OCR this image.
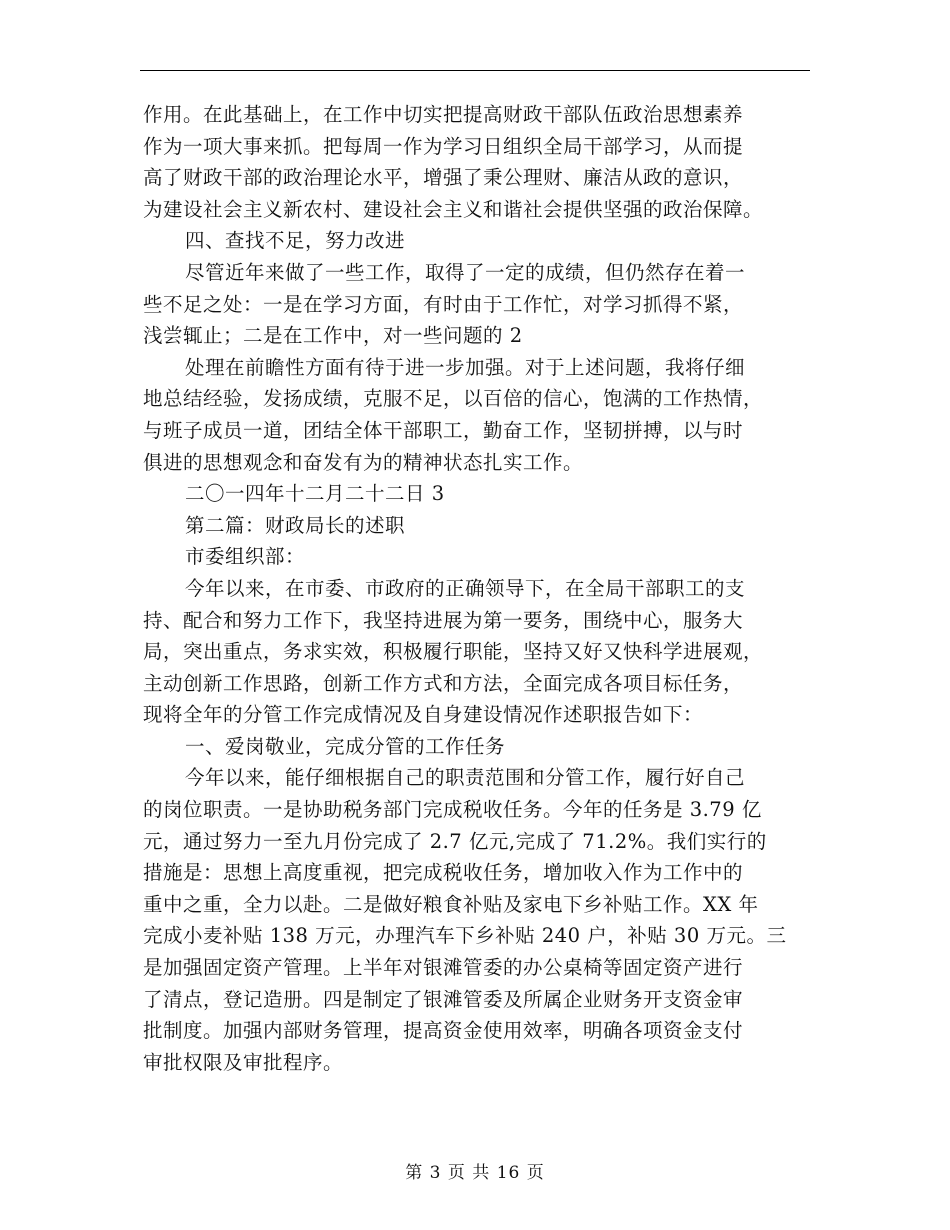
作用。在此基础上，在工作中切实把提高财政干部队伍政治思想素养
作为一项大事来抓。把每周一作为学习日组织全局干部学习，从而提
高了财政干部的政治理论水平，增强了秉公理财、廉洁从政的意识，
为建设社会主义新农村、建设社会主义和谐社会提供坚强的政治保障。
四、查找不足，努力改进
尽管近年来做了一些工作，取得了一定的成绩，但仍然存在着一
些不足之处：一是在学习方面，有时由于工作忙，对学习抓得不紧，
浅尝辄止；二是在工作中，对一些问题的 2
处理在前瞻性方面有待于进一步加强。对于上述问题，我将仔细
地总结经验，发扬成绩，克服不足，以百倍的信心，饱满的工作热情，
与班子成员一道，团结全体干部职工，勤奋工作，坚韧拼搏，以与时
俱进的思想观念和奋发有为的精神状态扎实工作。
二〇一四年十二月二十二日 3
第二篇：财政局长的述职
市委组织部：
今年以来，在市委、市政府的正确领导下，在全局干部职工的支
持、配合和努力工作下，我坚持进展为第一要务，围绕中心，服务大
局，突出重点，务求实效，积极履行职能，坚持又好又快科学进展观，
主动创新工作思路，创新工作方式和方法，全面完成各项目标任务，
现将全年的分管工作完成情况及自身建设情况作述职报告如下：
一、爱岗敬业，完成分管的工作任务
今年以来，能仔细根据自己的职责范围和分管工作，履行好自己
的岗位职责。一是协助税务部门完成税收任务。今年的任务是 3.79 亿
元，通过努力一至九月份完成了 2.7 亿元,完成了 71.2%。我们实行的
措施是：思想上高度重视，把完成税收任务，增加收入作为工作中的
重中之重，全力以赴。二是做好粮食补贴及家电下乡补贴工作。XX 年
完成小麦补贴 138 万元，办理汽车下乡补贴 240 户，补贴 30 万元。三
是加强固定资产管理。上半年对银滩管委的办公桌椅等固定资产进行
了清点，登记造册。四是制定了银滩管委及所属企业财务开支资金审
批制度。加强内部财务管理，提高资金使用效率，明确各项资金支付
审批权限及审批程序。
第 3 页 共 16 页
